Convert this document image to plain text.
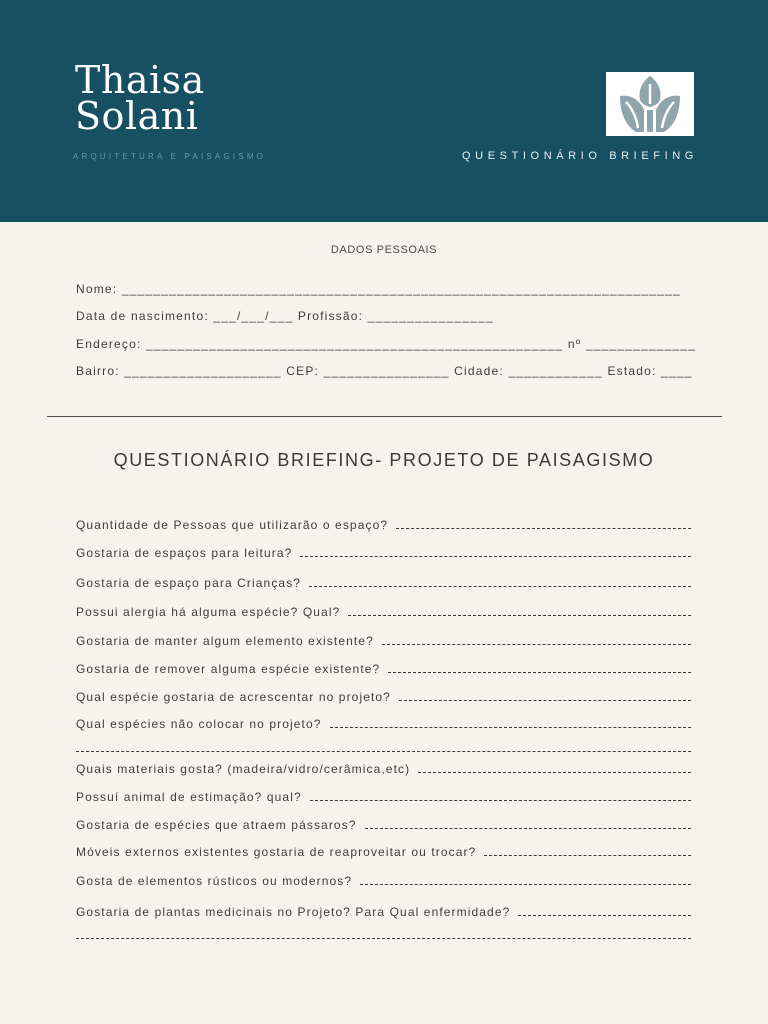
Thaisa
Solani
ARQUITETURA E PAISAGISMO	QUESTIONÁRIO BRIEFING
DADOS PESSOAIS
Nome: _______________________________________________________________________
Data de nascimento: ___/___/___ Profissão: ________________
Endereço: _____________________________________________________ nº ______________
Bairro: ____________________ CEP: ________________ Cidade: ____________ Estado: ____
QUESTIONÁRIO BRIEFING- PROJETO DE PAISAGISMO
Quantidade de Pessoas que utilizarão o espaço?
Gostaria de espaços para leitura?
Gostaria de espaço para Crianças?
Possui alergia há alguma espécie? Qual?
Gostaria de manter algum elemento existente?
Gostaria de remover alguma espécie existente?
Qual espécie gostaria de acrescentar no projeto?
Qual espécies não colocar no projeto?
Quais materiais gosta? (madeira/vidro/cerâmica,etc)
Possuí animal de estimação? qual?
Gostaria de espécies que atraem pássaros?
Móveis externos existentes gostaria de reaproveitar ou trocar?
Gosta de elementos rústicos ou modernos?
Gostaria de plantas medicinais no Projeto? Para Qual enfermidade?
